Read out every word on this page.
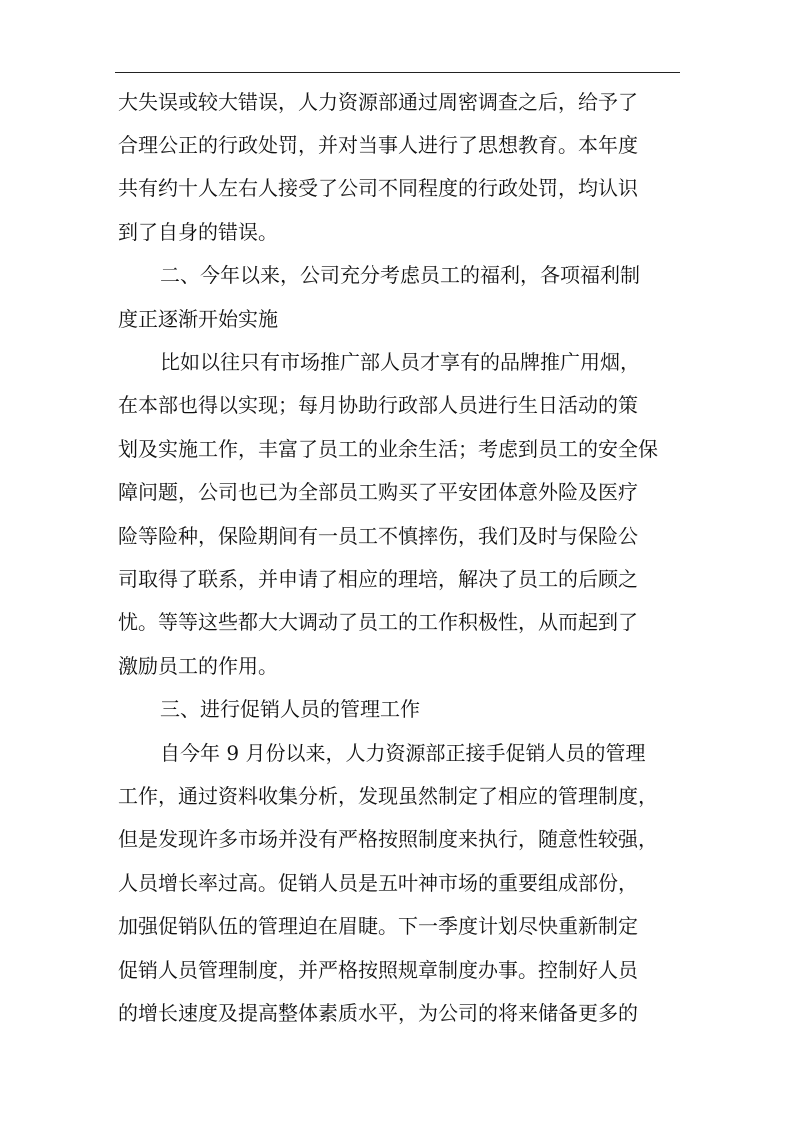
大失误或较大错误，人力资源部通过周密调查之后，给予了
合理公正的行政处罚，并对当事人进行了思想教育。本年度
共有约十人左右人接受了公司不同程度的行政处罚，均认识
到了自身的错误。
二、今年以来，公司充分考虑员工的福利，各项福利制
度正逐渐开始实施
比如以往只有市场推广部人员才享有的品牌推广用烟，
在本部也得以实现；每月协助行政部人员进行生日活动的策
划及实施工作，丰富了员工的业余生活；考虑到员工的安全保
障问题，公司也已为全部员工购买了平安团体意外险及医疗
险等险种，保险期间有一员工不慎摔伤，我们及时与保险公
司取得了联系，并申请了相应的理培，解决了员工的后顾之
忧。等等这些都大大调动了员工的工作积极性，从而起到了
激励员工的作用。
三、进行促销人员的管理工作
自今年 9 月份以来，人力资源部正接手促销人员的管理
工作，通过资料收集分析，发现虽然制定了相应的管理制度，
但是发现许多市场并没有严格按照制度来执行，随意性较强，
人员增长率过高。促销人员是五叶神市场的重要组成部份，
加强促销队伍的管理迫在眉睫。下一季度计划尽快重新制定
促销人员管理制度，并严格按照规章制度办事。控制好人员
的增长速度及提高整体素质水平，为公司的将来储备更多的
